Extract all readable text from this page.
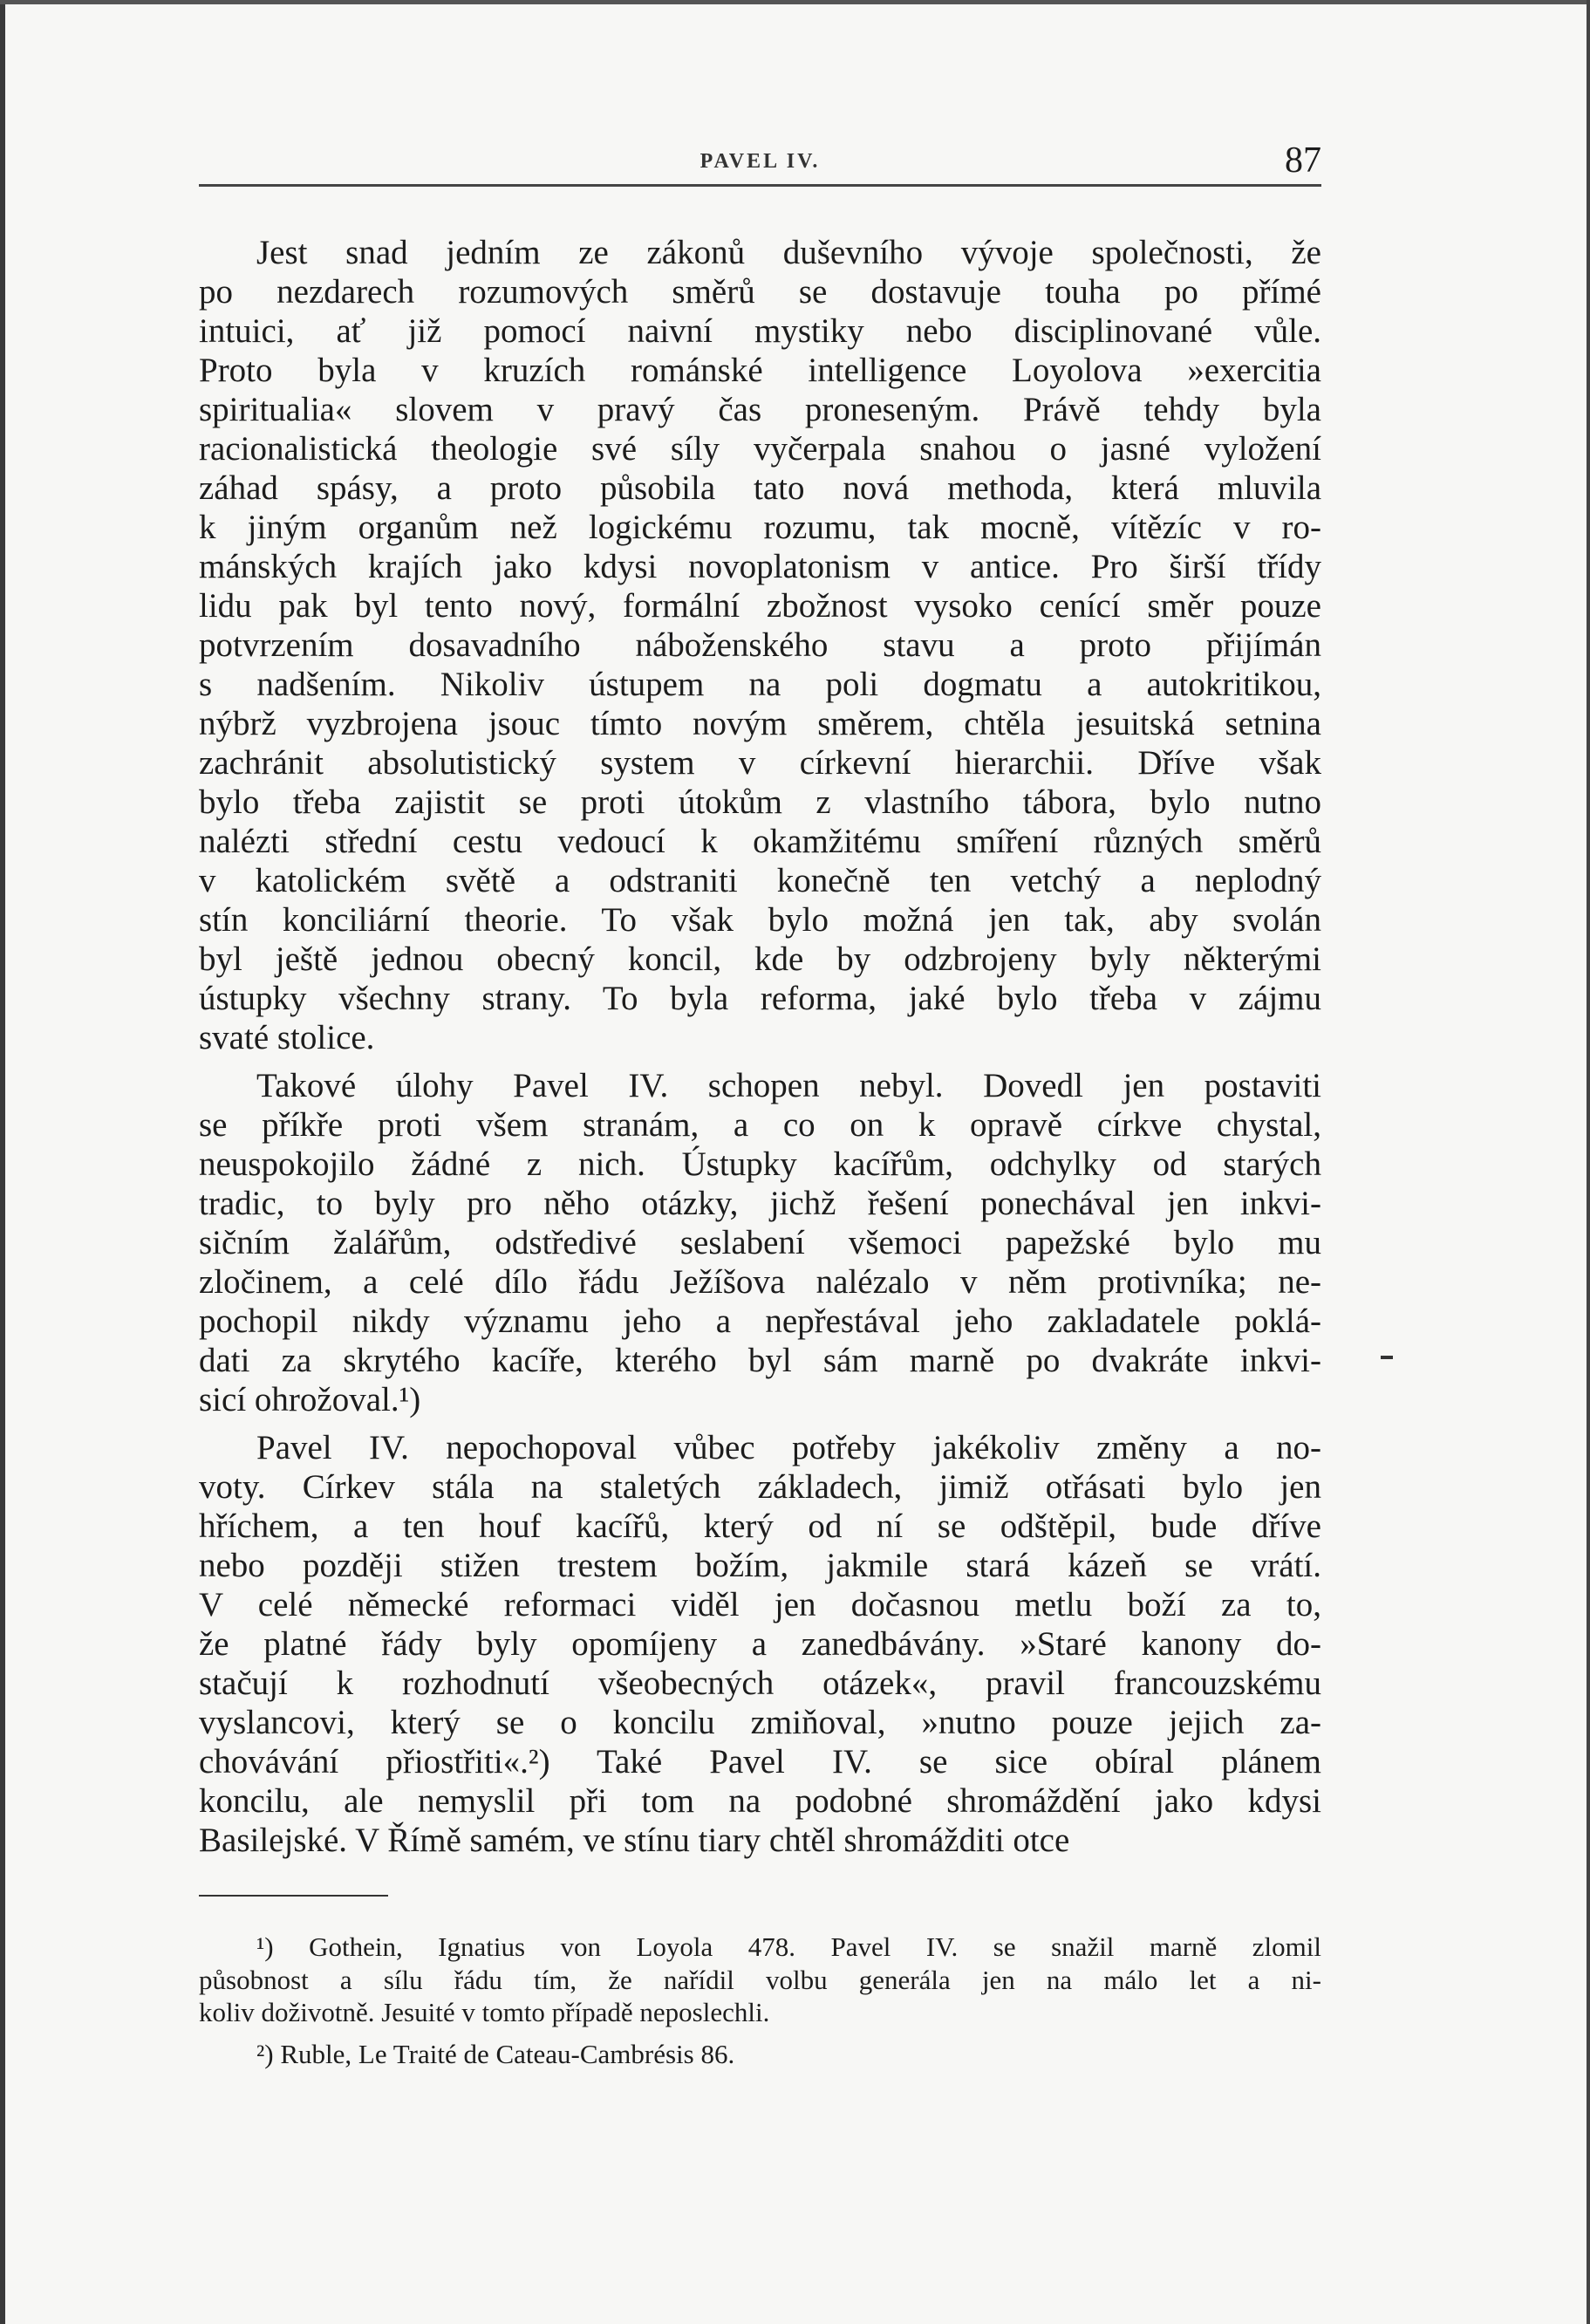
PAVEL IV.	87
Jest snad jedním ze zákonů duševního vývoje společnosti, že
po nezdarech rozumových směrů se dostavuje touha po přímé
intuici, ať již pomocí naivní mystiky nebo disciplinované vůle.
Proto byla v kruzích románské intelligence Loyolova »exercitia
spiritualia« slovem v pravý čas proneseným. Právě tehdy byla
racionalistická theologie své síly vyčerpala snahou o jasné vyložení
záhad spásy, a proto působila tato nová methoda, která mluvila
k jiným organům než logickému rozumu, tak mocně, vítězíc v ro-
mánských krajích jako kdysi novoplatonism v antice. Pro širší třídy
lidu pak byl tento nový, formální zbožnost vysoko cenící směr pouze
potvrzením dosavadního náboženského stavu a proto přijímán
s nadšením. Nikoliv ústupem na poli dogmatu a autokritikou,
nýbrž vyzbrojena jsouc tímto novým směrem, chtěla jesuitská setnina
zachránit absolutistický system v církevní hierarchii. Dříve však
bylo třeba zajistit se proti útokům z vlastního tábora, bylo nutno
nalézti střední cestu vedoucí k okamžitému smíření různých směrů
v katolickém světě a odstraniti konečně ten vetchý a neplodný
stín konciliární theorie. To však bylo možná jen tak, aby svolán
byl ještě jednou obecný koncil, kde by odzbrojeny byly některými
ústupky všechny strany. To byla reforma, jaké bylo třeba v zájmu
svaté stolice.
Takové úlohy Pavel IV. schopen nebyl. Dovedl jen postaviti
se příkře proti všem stranám, a co on k opravě církve chystal,
neuspokojilo žádné z nich. Ústupky kacířům, odchylky od starých
tradic, to byly pro něho otázky, jichž řešení ponechával jen inkvi-
sičním žalářům, odstředivé seslabení všemoci papežské bylo mu
zločinem, a celé dílo řádu Ježíšova nalézalo v něm protivníka; ne-
pochopil nikdy významu jeho a nepřestával jeho zakladatele poklá-
dati za skrytého kacíře, kterého byl sám marně po dvakráte inkvi-
sicí ohrožoval.¹)
Pavel IV. nepochopoval vůbec potřeby jakékoliv změny a no-
voty. Církev stála na staletých základech, jimiž otřásati bylo jen
hříchem, a ten houf kacířů, který od ní se odštěpil, bude dříve
nebo později stižen trestem božím, jakmile stará kázeň se vrátí.
V celé německé reformaci viděl jen dočasnou metlu boží za to,
že platné řády byly opomíjeny a zanedbávány. »Staré kanony do-
stačují k rozhodnutí všeobecných otázek«, pravil francouzskému
vyslancovi, který se o koncilu zmiňoval, »nutno pouze jejich za-
chovávání přiostřiti«.²) Také Pavel IV. se sice obíral plánem
koncilu, ale nemyslil při tom na podobné shromáždění jako kdysi
Basilejské. V Římě samém, ve stínu tiary chtěl shromážditi otce
¹) Gothein, Ignatius von Loyola 478. Pavel IV. se snažil marně zlomil
působnost a sílu řádu tím, že nařídil volbu generála jen na málo let a ni-
koliv doživotně. Jesuité v tomto případě neposlechli.
²) Ruble, Le Traité de Cateau-Cambrésis 86.
